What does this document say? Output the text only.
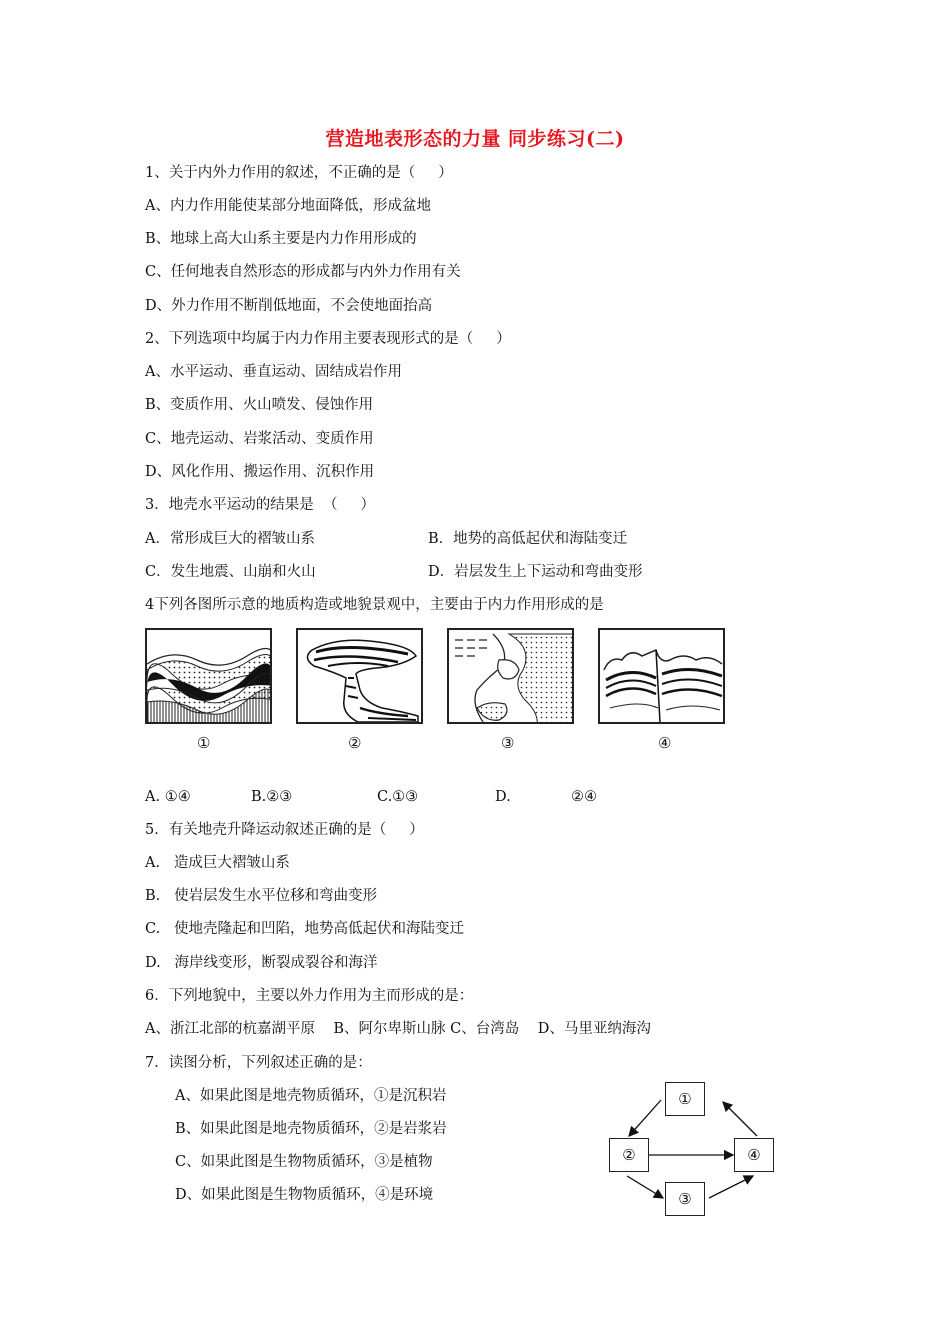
营造地表形态的力量 同步练习(二)
1、关于内外力作用的叙述，不正确的是（     ）
A、内力作用能使某部分地面降低，形成盆地
B、地球上高大山系主要是内力作用形成的
C、任何地表自然形态的形成都与内外力作用有关
D、外力作用不断削低地面，不会使地面抬高
2、下列选项中均属于内力作用主要表现形式的是（     ）
A、水平运动、垂直运动、固结成岩作用
B、变质作用、火山喷发、侵蚀作用
C、地壳运动、岩浆活动、变质作用
D、风化作用、搬运作用、沉积作用
3．地壳水平运动的结果是  （     ）
A．常形成巨大的褶皱山系	B．地势的高低起伏和海陆变迁
C．发生地震、山崩和火山	D．岩层发生上下运动和弯曲变形
4下列各图所示意的地质构造或地貌景观中，主要由于内力作用形成的是
①	②	③	④
A. ①④	B.②③	C.①③	D.	②④
5．有关地壳升降运动叙述正确的是（     ）
A.   造成巨大褶皱山系
B.   使岩层发生水平位移和弯曲变形
C.   使地壳隆起和凹陷，地势高低起伏和海陆变迁
D.   海岸线变形，断裂成裂谷和海洋
6．下列地貌中，主要以外力作用为主而形成的是：
A、浙江北部的杭嘉湖平原    B、阿尔卑斯山脉 C、台湾岛    D、马里亚纳海沟
7．读图分析，下列叙述正确的是：
A、如果此图是地壳物质循环，①是沉积岩
B、如果此图是地壳物质循环，②是岩浆岩
C、如果此图是生物物质循环，③是植物
D、如果此图是生物物质循环，④是环境
①
②
③
④
